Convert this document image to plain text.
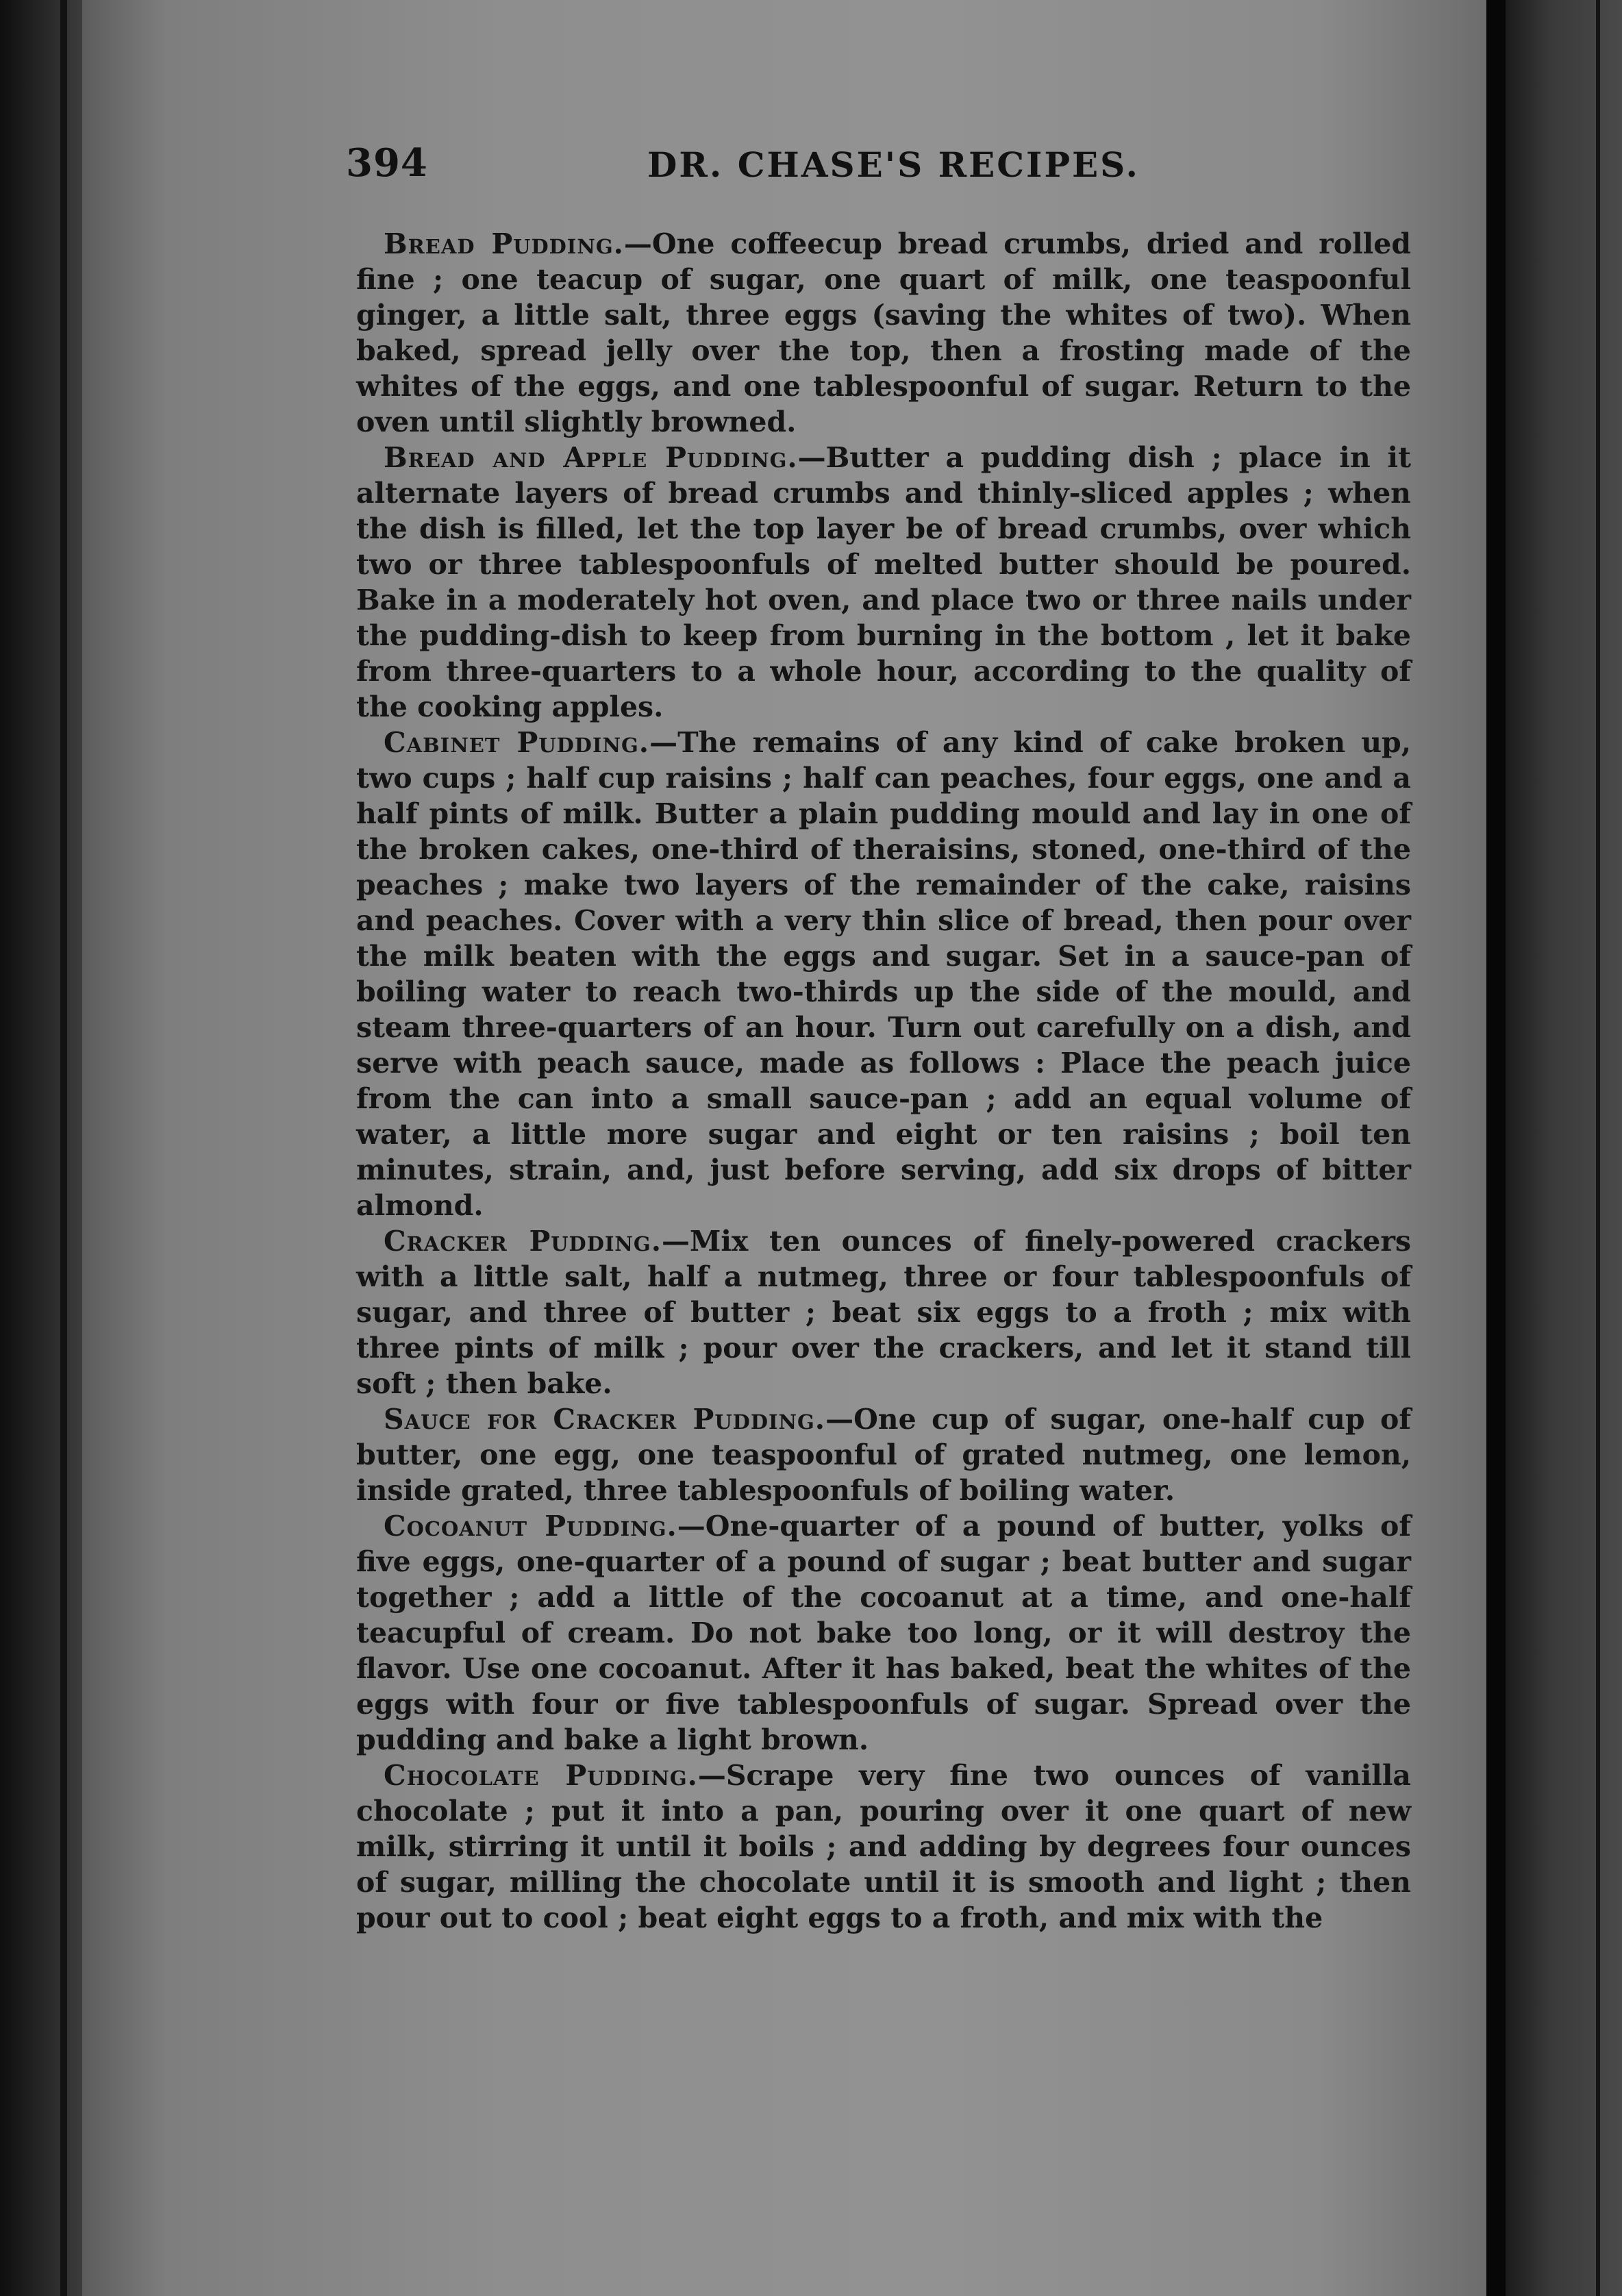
394	DR. CHASE'S RECIPES.

Bread Pudding.—One coffeecup bread crumbs, dried and rolled fine ; one teacup of sugar, one quart of milk, one teaspoonful ginger, a little salt, three eggs (saving the whites of two). When baked, spread jelly over the top, then a frosting made of the whites of the eggs, and one tablespoonful of sugar. Return to the oven until slightly browned.

Bread and Apple Pudding.—Butter a pudding dish ; place in it alternate layers of bread crumbs and thinly-sliced apples ; when the dish is filled, let the top layer be of bread crumbs, over which two or three tablespoonfuls of melted butter should be poured. Bake in a moderately hot oven, and place two or three nails under the pudding-dish to keep from burning in the bottom , let it bake from three-quarters to a whole hour, according to the quality of the cooking apples.

Cabinet Pudding.—The remains of any kind of cake broken up, two cups ; half cup raisins ; half can peaches, four eggs, one and a half pints of milk. Butter a plain pudding mould and lay in one of the broken cakes, one-third of theraisins, stoned, one-third of the peaches ; make two layers of the remainder of the cake, raisins and peaches. Cover with a very thin slice of bread, then pour over the milk beaten with the eggs and sugar. Set in a sauce-pan of boiling water to reach two-thirds up the side of the mould, and steam three-quarters of an hour. Turn out carefully on a dish, and serve with peach sauce, made as follows : Place the peach juice from the can into a small sauce-pan ; add an equal volume of water, a little more sugar and eight or ten raisins ; boil ten minutes, strain, and, just before serving, add six drops of bitter almond.

Cracker Pudding.—Mix ten ounces of finely-powered crackers with a little salt, half a nutmeg, three or four tablespoonfuls of sugar, and three of butter ; beat six eggs to a froth ; mix with three pints of milk ; pour over the crackers, and let it stand till soft ; then bake.

Sauce for Cracker Pudding.—One cup of sugar, one-half cup of butter, one egg, one teaspoonful of grated nutmeg, one lemon, inside grated, three tablespoonfuls of boiling water.

Cocoanut Pudding.—One-quarter of a pound of butter, yolks of five eggs, one-quarter of a pound of sugar ; beat butter and sugar together ; add a little of the cocoanut at a time, and one-half teacupful of cream. Do not bake too long, or it will destroy the flavor. Use one cocoanut. After it has baked, beat the whites of the eggs with four or five tablespoonfuls of sugar. Spread over the pudding and bake a light brown.

Chocolate Pudding.—Scrape very fine two ounces of vanilla chocolate ; put it into a pan, pouring over it one quart of new milk, stirring it until it boils ; and adding by degrees four ounces of sugar, milling the chocolate until it is smooth and light ; then pour out to cool ; beat eight eggs to a froth, and mix with the
